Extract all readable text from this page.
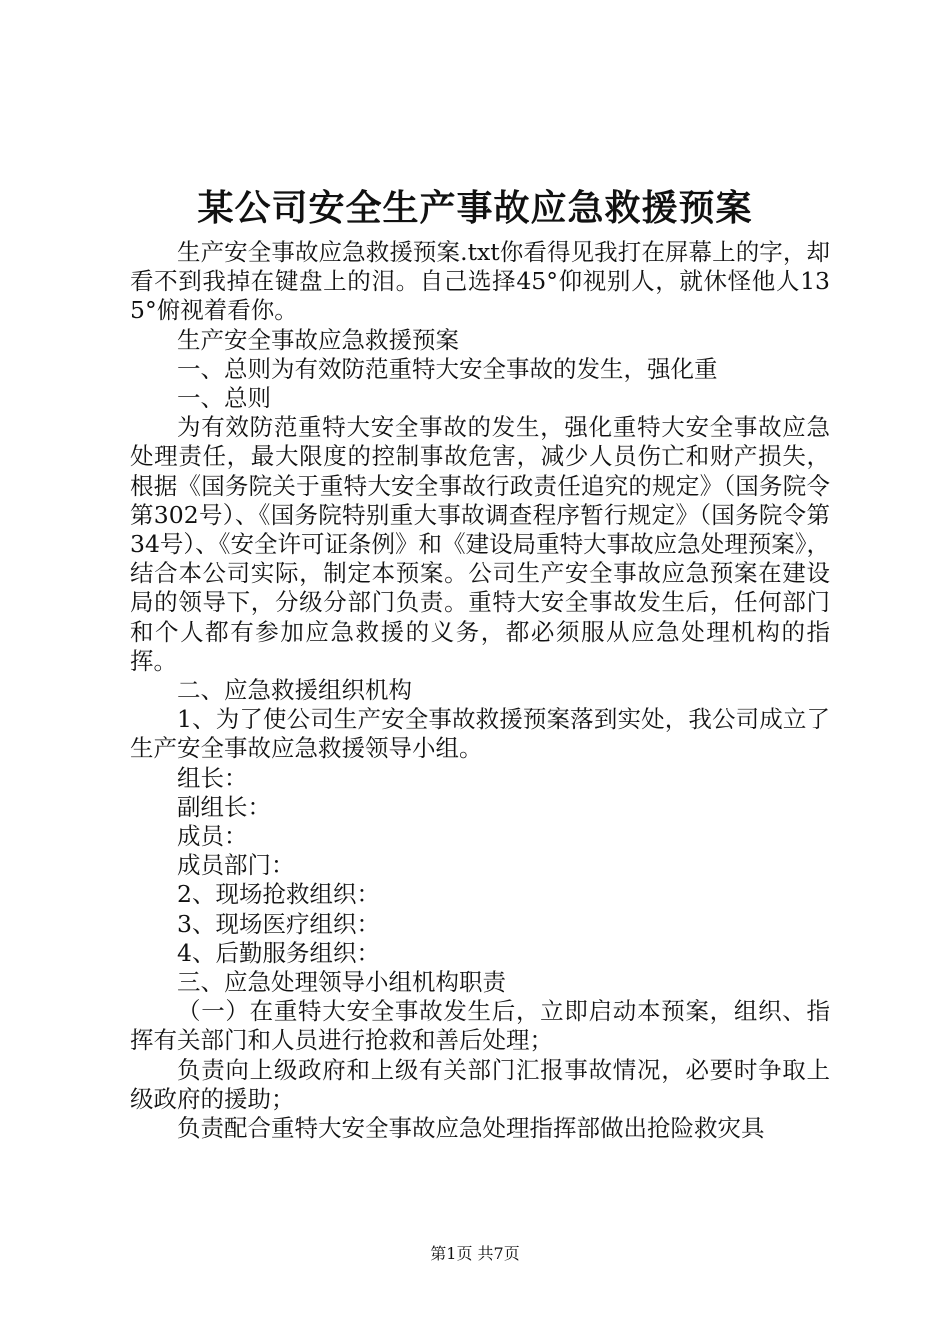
某公司安全生产事故应急救援预案

生产安全事故应急救援预案.txt你看得见我打在屏幕上的字，却看不到我掉在键盘上的泪。自己选择45°仰视别人，就休怪他人135°俯视着看你。

生产安全事故应急救援预案

一、总则为有效防范重特大安全事故的发生，强化重

一、总则

为有效防范重特大安全事故的发生，强化重特大安全事故应急处理责任，最大限度的控制事故危害，减少人员伤亡和财产损失，根据《国务院关于重特大安全事故行政责任追究的规定》（国务院令第302号）、《国务院特别重大事故调查程序暂行规定》（国务院令第34号）、《安全许可证条例》和《建设局重特大事故应急处理预案》，结合本公司实际，制定本预案。公司生产安全事故应急预案在建设局的领导下，分级分部门负责。重特大安全事故发生后，任何部门和个人都有参加应急救援的义务，都必须服从应急处理机构的指挥。

二、应急救援组织机构

1、为了使公司生产安全事故救援预案落到实处，我公司成立了生产安全事故应急救援领导小组。

组长：

副组长：

成员：

成员部门：

2、现场抢救组织：

3、现场医疗组织：

4、后勤服务组织：

三、应急处理领导小组机构职责

（一）在重特大安全事故发生后，立即启动本预案，组织、指挥有关部门和人员进行抢救和善后处理；

负责向上级政府和上级有关部门汇报事故情况，必要时争取上级政府的援助；

负责配合重特大安全事故应急处理指挥部做出抢险救灾具

第1页 共7页
